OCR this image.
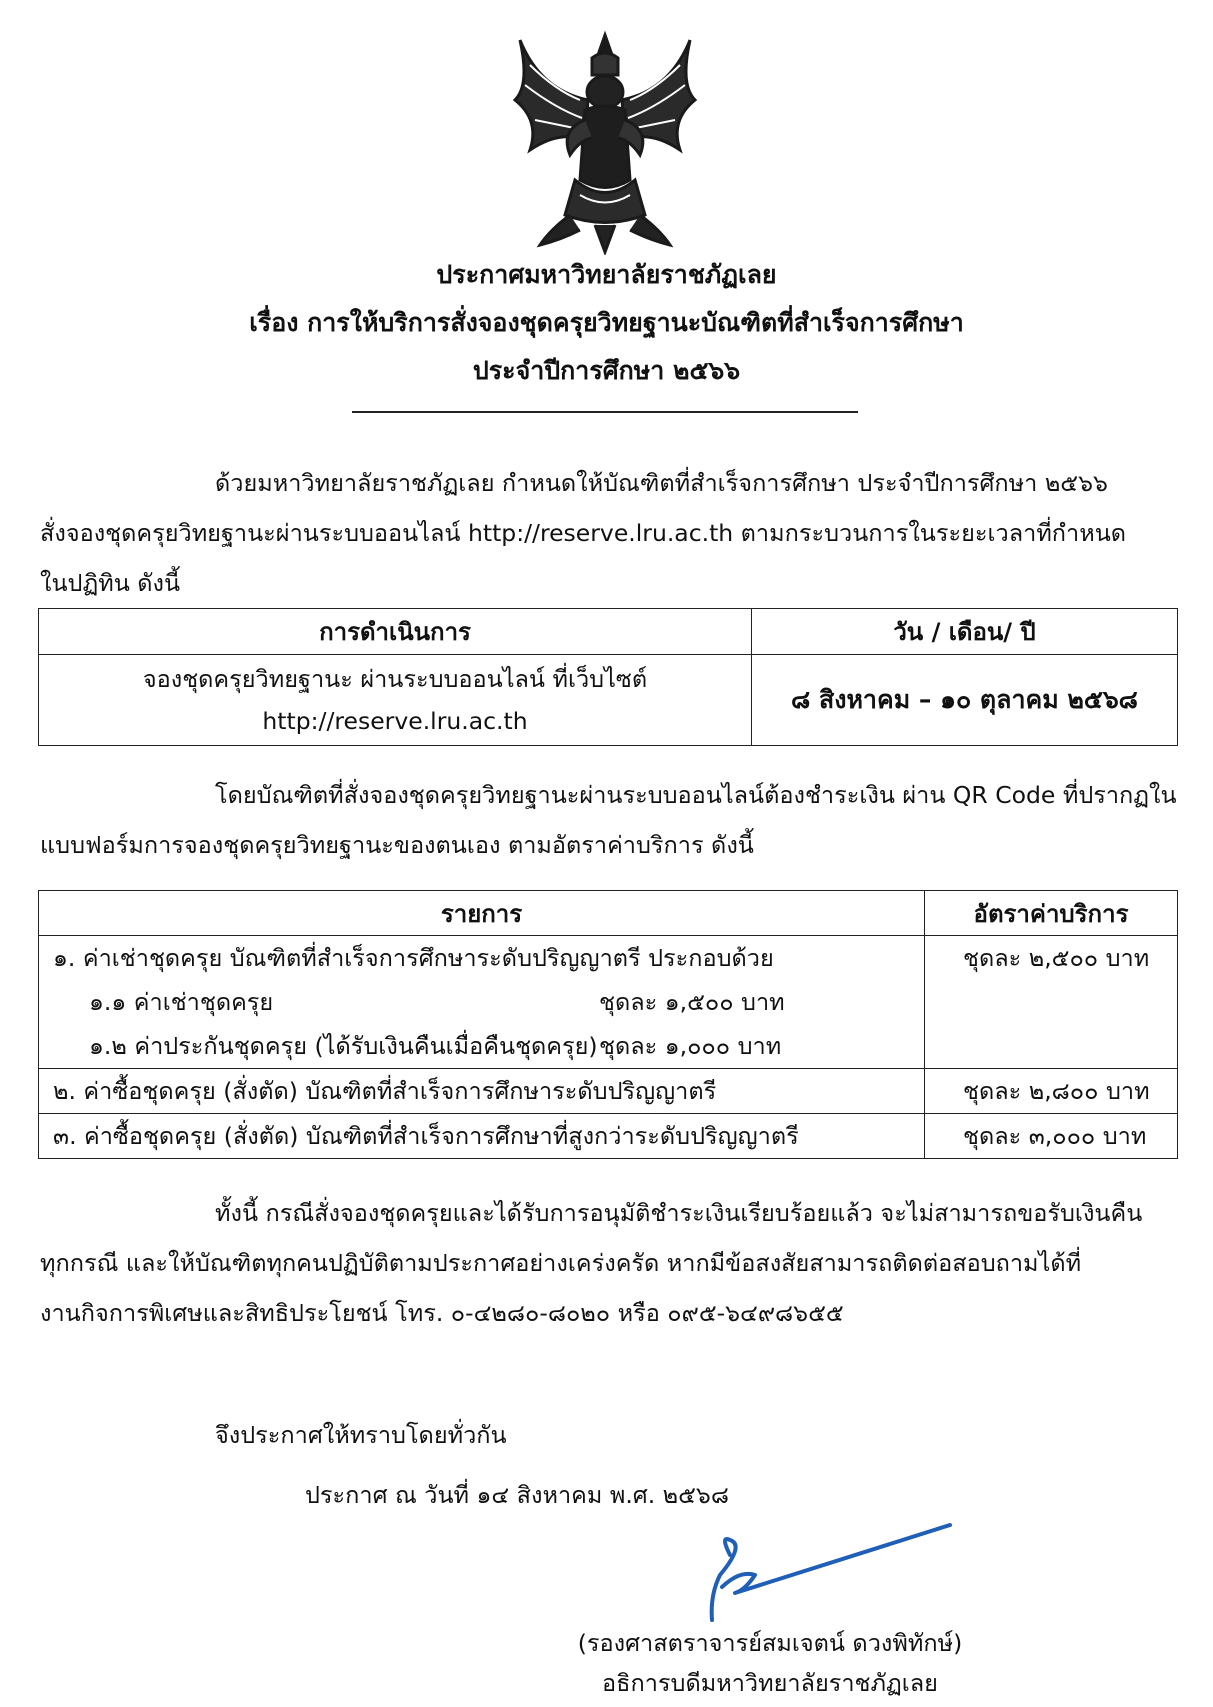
ประกาศมหาวิทยาลัยราชภัฏเลย
เรื่อง การให้บริการสั่งจองชุดครุยวิทยฐานะบัณฑิตที่สำเร็จการศึกษา
ประจำปีการศึกษา ๒๕๖๖
ด้วยมหาวิทยาลัยราชภัฏเลย กำหนดให้บัณฑิตที่สำเร็จการศึกษา ประจำปีการศึกษา ๒๕๖๖
สั่งจองชุดครุยวิทยฐานะผ่านระบบออนไลน์ http://reserve.lru.ac.th ตามกระบวนการในระยะเวลาที่กำหนด
ในปฏิทิน ดังนี้
การดำเนินการ	วัน / เดือน/ ปี

จองชุดครุยวิทยฐานะ ผ่านระบบออนไลน์ ที่เว็บไซต์
http://reserve.lru.ac.th	๘ สิงหาคม – ๑๐ ตุลาคม ๒๕๖๘
โดยบัณฑิตที่สั่งจองชุดครุยวิทยฐานะผ่านระบบออนไลน์ต้องชำระเงิน ผ่าน QR Code ที่ปรากฏใน
แบบฟอร์มการจองชุดครุยวิทยฐานะของตนเอง ตามอัตราค่าบริการ ดังนี้
รายการ	อัตราค่าบริการ

๑. ค่าเช่าชุดครุย บัณฑิตที่สำเร็จการศึกษาระดับปริญญาตรี ประกอบด้วย
๑.๑ ค่าเช่าชุดครุย ชุดละ ๑,๕๐๐ บาท
๑.๒ ค่าประกันชุดครุย (ได้รับเงินคืนเมื่อคืนชุดครุย) ชุดละ ๑,๐๐๐ บาท	ชุดละ ๒,๕๐๐ บาท

๒. ค่าซื้อชุดครุย (สั่งตัด) บัณฑิตที่สำเร็จการศึกษาระดับปริญญาตรี	ชุดละ ๒,๘๐๐ บาท

๓. ค่าซื้อชุดครุย (สั่งตัด) บัณฑิตที่สำเร็จการศึกษาที่สูงกว่าระดับปริญญาตรี	ชุดละ ๓,๐๐๐ บาท
ทั้งนี้ กรณีสั่งจองชุดครุยและได้รับการอนุมัติชำระเงินเรียบร้อยแล้ว จะไม่สามารถขอรับเงินคืน
ทุกกรณี และให้บัณฑิตทุกคนปฏิบัติตามประกาศอย่างเคร่งครัด หากมีข้อสงสัยสามารถติดต่อสอบถามได้ที่
งานกิจการพิเศษและสิทธิประโยชน์ โทร. ๐-๔๒๘๐-๘๐๒๐ หรือ ๐๙๕-๖๔๙๘๖๕๕
จึงประกาศให้ทราบโดยทั่วกัน
ประกาศ ณ วันที่ ๑๔ สิงหาคม พ.ศ. ๒๕๖๘
(รองศาสตราจารย์สมเจตน์ ดวงพิทักษ์)
อธิการบดีมหาวิทยาลัยราชภัฏเลย
